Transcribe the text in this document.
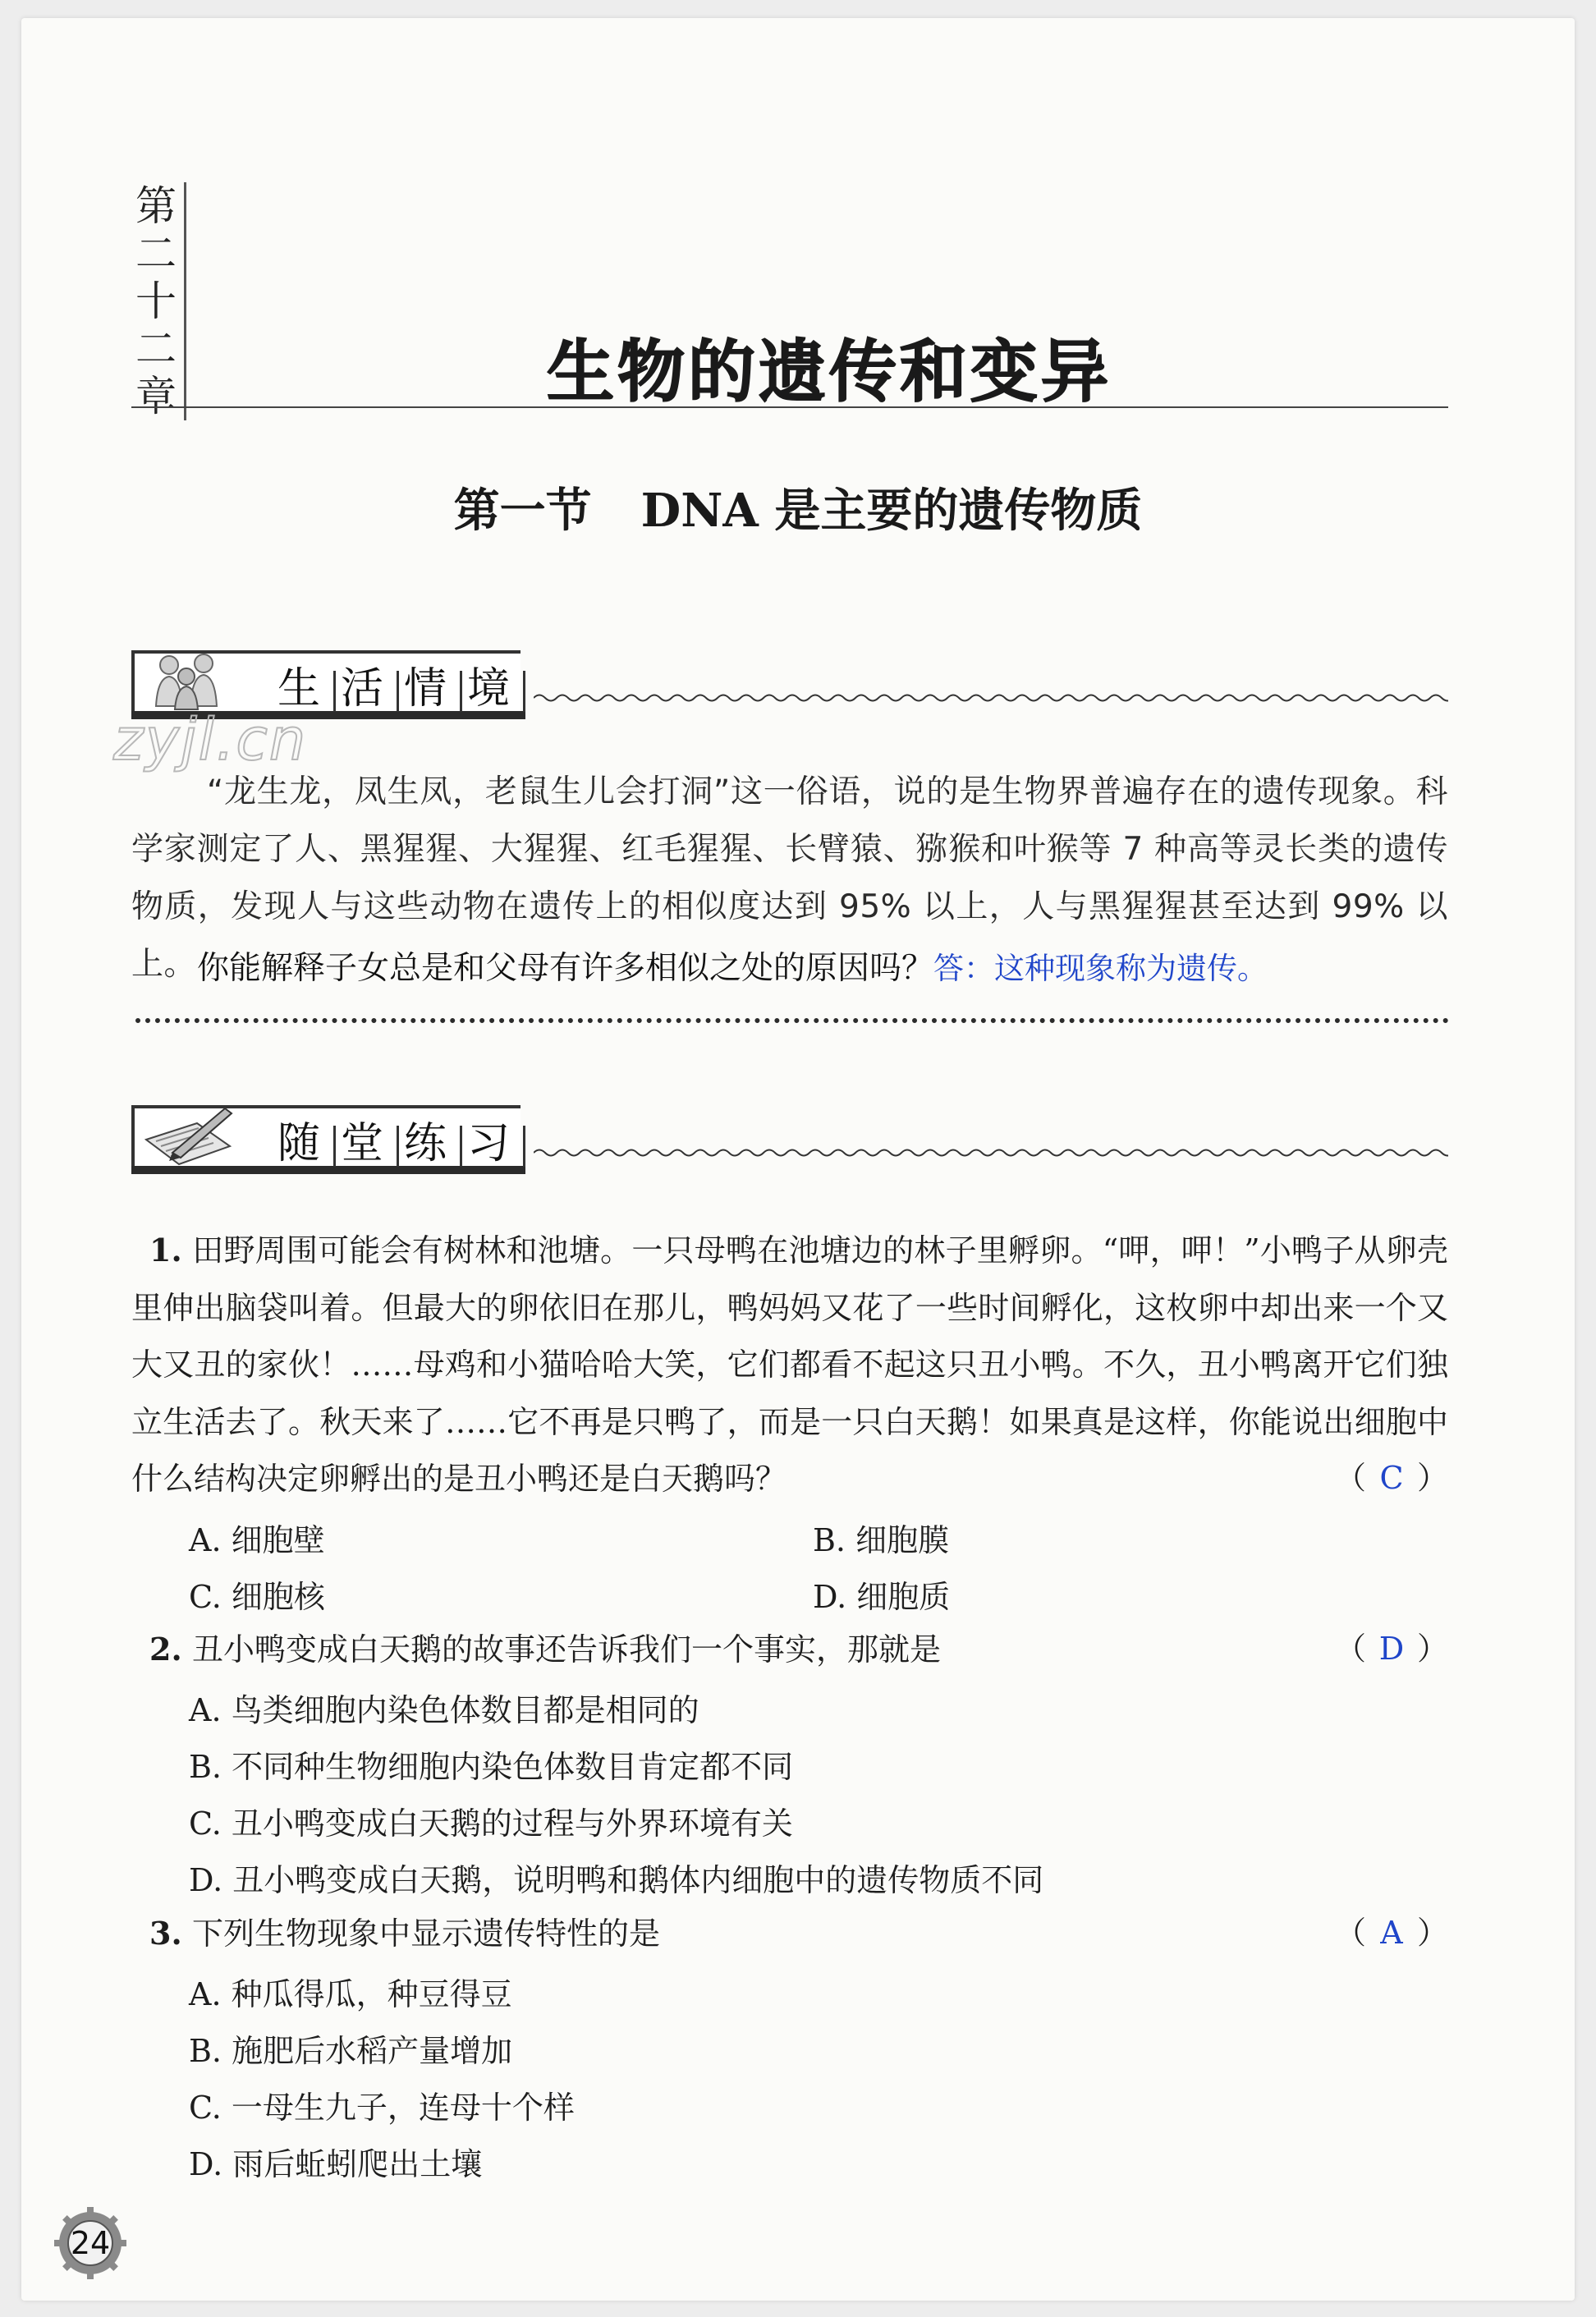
第
二
十
二
章	生物的遗传和变异
第一节 DNA 是主要的遗传物质
生 活 情 境
zyjl.cn
“龙生龙，凤生凤，老鼠生儿会打洞”这一俗语，说的是生物界普遍存在的遗传现象。科学家测定了人、黑猩猩、大猩猩、红毛猩猩、长臂猿、猕猴和叶猴等 7 种高等灵长类的遗传物质，发现人与这些动物在遗传上的相似度达到 95% 以上，人与黑猩猩甚至达到 99% 以上。 你能解释子女总是和父母有许多相似之处的原因吗？答：这种现象称为遗传。
随 堂 练 习
1. 田野周围可能会有树林和池塘。一只母鸭在池塘边的林子里孵卵。“呷，呷！”小鸭子从卵壳里伸出脑袋叫着。但最大的卵依旧在那儿，鸭妈妈又花了一些时间孵化，这枚卵中却出来一个又大又丑的家伙！……母鸡和小猫哈哈大笑，它们都看不起这只丑小鸭。不久，丑小鸭离开它们独立生活去了。秋天来了……它不再是只鸭了，而是一只白天鹅！如果真是这样，你能说出细胞中什么结构决定卵孵出的是丑小鸭还是白天鹅吗？	（ C ）
A. 细胞壁	B. 细胞膜
C. 细胞核	D. 细胞质
2. 丑小鸭变成白天鹅的故事还告诉我们一个事实，那就是	（ D ）
A. 鸟类细胞内染色体数目都是相同的
B. 不同种生物细胞内染色体数目肯定都不同
C. 丑小鸭变成白天鹅的过程与外界环境有关
D. 丑小鸭变成白天鹅，说明鸭和鹅体内细胞中的遗传物质不同
3. 下列生物现象中显示遗传特性的是	（ A ）
A. 种瓜得瓜，种豆得豆
B. 施肥后水稻产量增加
C. 一母生九子，连母十个样
D. 雨后蚯蚓爬出土壤
24
